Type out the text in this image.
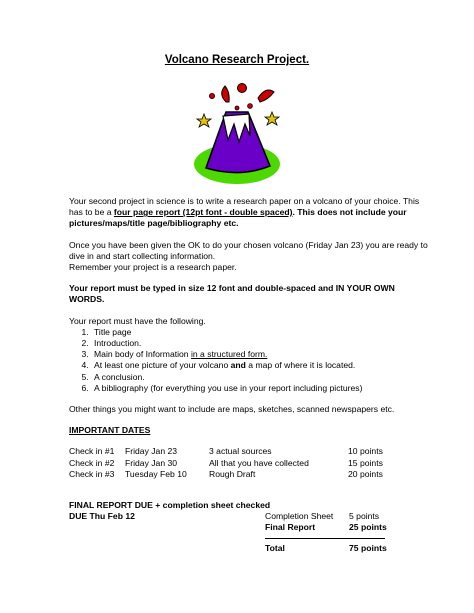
Volcano Research Project.

Your second project in science is to write a research paper on a volcano of your choice. This has to be a four page report (12pt font - double spaced). This does not include your pictures/maps/title page/bibliography etc.

Once you have been given the OK to do your chosen volcano (Friday Jan 23) you are ready to dive in and start collecting information.

Remember your project is a research paper.

Your report must be typed in size 12 font and double-spaced and IN YOUR OWN WORDS.

Your report must have the following.

1. Title page
2. Introduction.
3. Main body of Information in a structured form.
4. At least one picture of your volcano and a map of where it is located.
5. A conclusion.
6. A bibliography (for everything you use in your report including pictures)

Other things you might want to include are maps, sketches, scanned newspapers etc.

IMPORTANT DATES

Check in #1 Friday Jan 23	3 actual sources	10 points
Check in #2 Friday Jan 30	All that you have collected	15 points
Check in #3 Tuesday Feb 10	Rough Draft	20 points
FINAL REPORT DUE + completion sheet checked
DUE Thu Feb 12	Completion Sheet 5 points
Final Report	25 points
Total	75 points
